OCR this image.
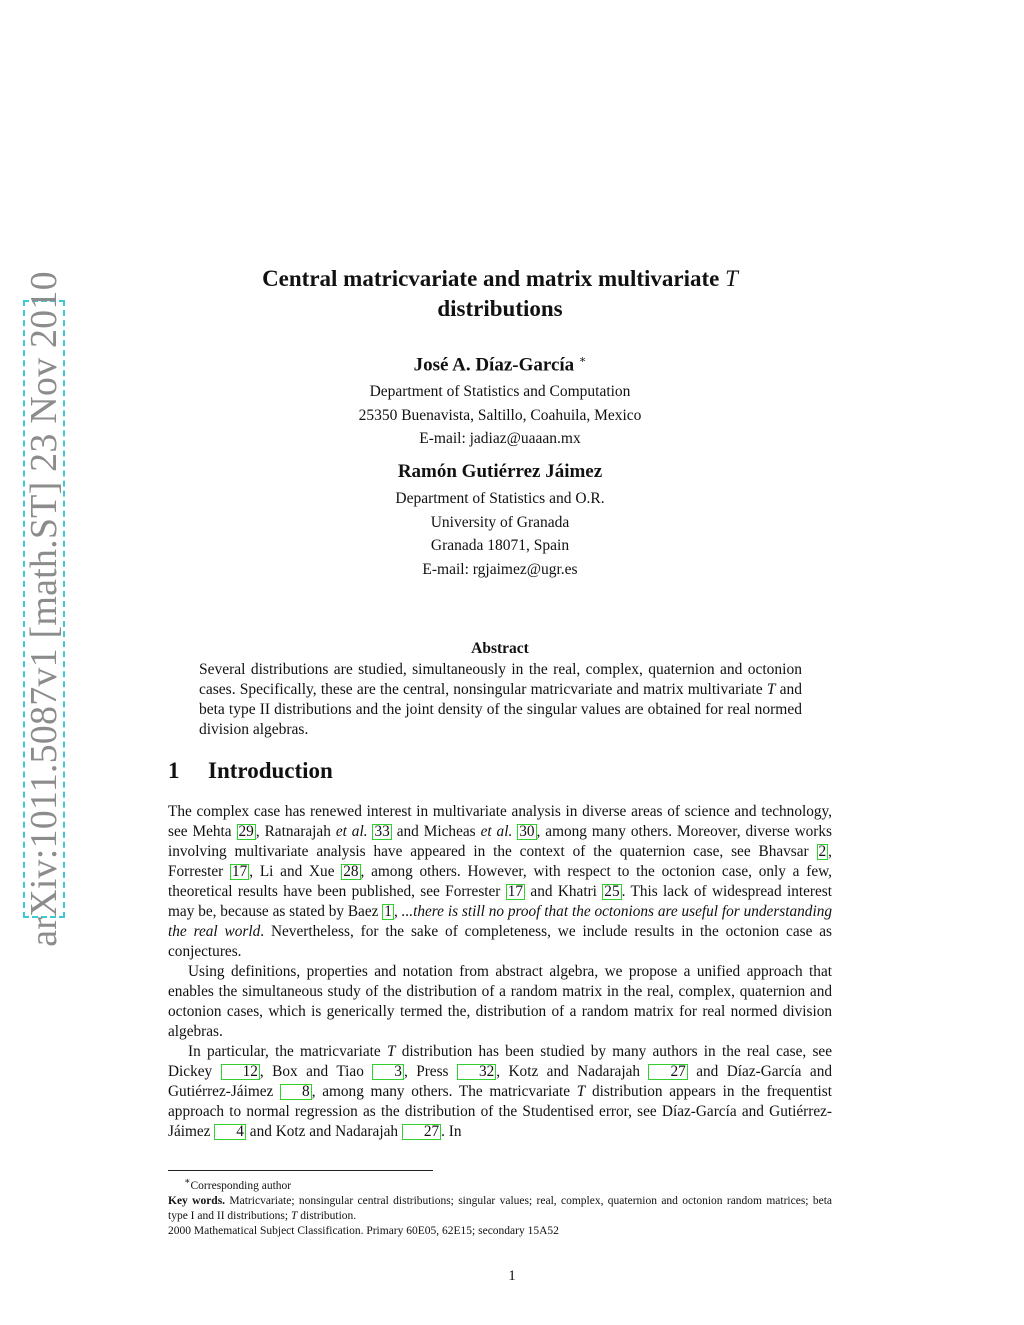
arXiv:1011.5087v1 [math.ST] 23 Nov 2010	Central matricvariate and matrix multivariate T
distributions
José A. Díaz-García ∗
Department of Statistics and Computation
25350 Buenavista, Saltillo, Coahuila, Mexico
E-mail: jadiaz@uaaan.mx
Ramón Gutiérrez Jáimez
Department of Statistics and O.R.
University of Granada
Granada 18071, Spain
E-mail: rgjaimez@ugr.es
Abstract

Several distributions are studied, simultaneously in the real, complex, quaternion and octonion cases. Specifically, these are the central, nonsingular matricvariate and matrix multivariate T and beta type II distributions and the joint density of the singular values are obtained for real normed division algebras.

1 Introduction

The complex case has renewed interest in multivariate analysis in diverse areas of science and technology, see Mehta 29 , Ratnarajah et al. 33 and Micheas et al. 30 , among many others. Moreover, diverse works involving multivariate analysis have appeared in the context of the quaternion case, see Bhavsar 2 , Forrester 17 , Li and Xue 28 , among others. However, with respect to the octonion case, only a few, theoretical results have been published, see Forrester 17 and Khatri 25 . This lack of widespread interest may be, because as stated by Baez 1 , ...there is still no proof that the octonions are useful for understanding the real world. Nevertheless, for the sake of completeness, we include results in the octonion case as conjectures.

Using definitions, properties and notation from abstract algebra, we propose a unified approach that enables the simultaneous study of the distribution of a random matrix in the real, complex, quaternion and octonion cases, which is generically termed the, distribution of a random matrix for real normed division algebras.

In particular, the matricvariate T distribution has been studied by many authors in the real case, see Dickey 12 , Box and Tiao 3 , Press 32 , Kotz and Nadarajah 27 and Díaz-García and Gutiérrez-Jáimez 8 , among many others. The matricvariate T distribution appears in the frequentist approach to normal regression as the distribution of the Studentised error, see Díaz-García and Gutiérrez-Jáimez 4 and Kotz and Nadarajah 27 . In

∗Corresponding author

Key words. Matricvariate; nonsingular central distributions; singular values; real, complex, quaternion and octonion random matrices; beta type I and II distributions; T distribution.

2000 Mathematical Subject Classification. Primary 60E05, 62E15; secondary 15A52

1
